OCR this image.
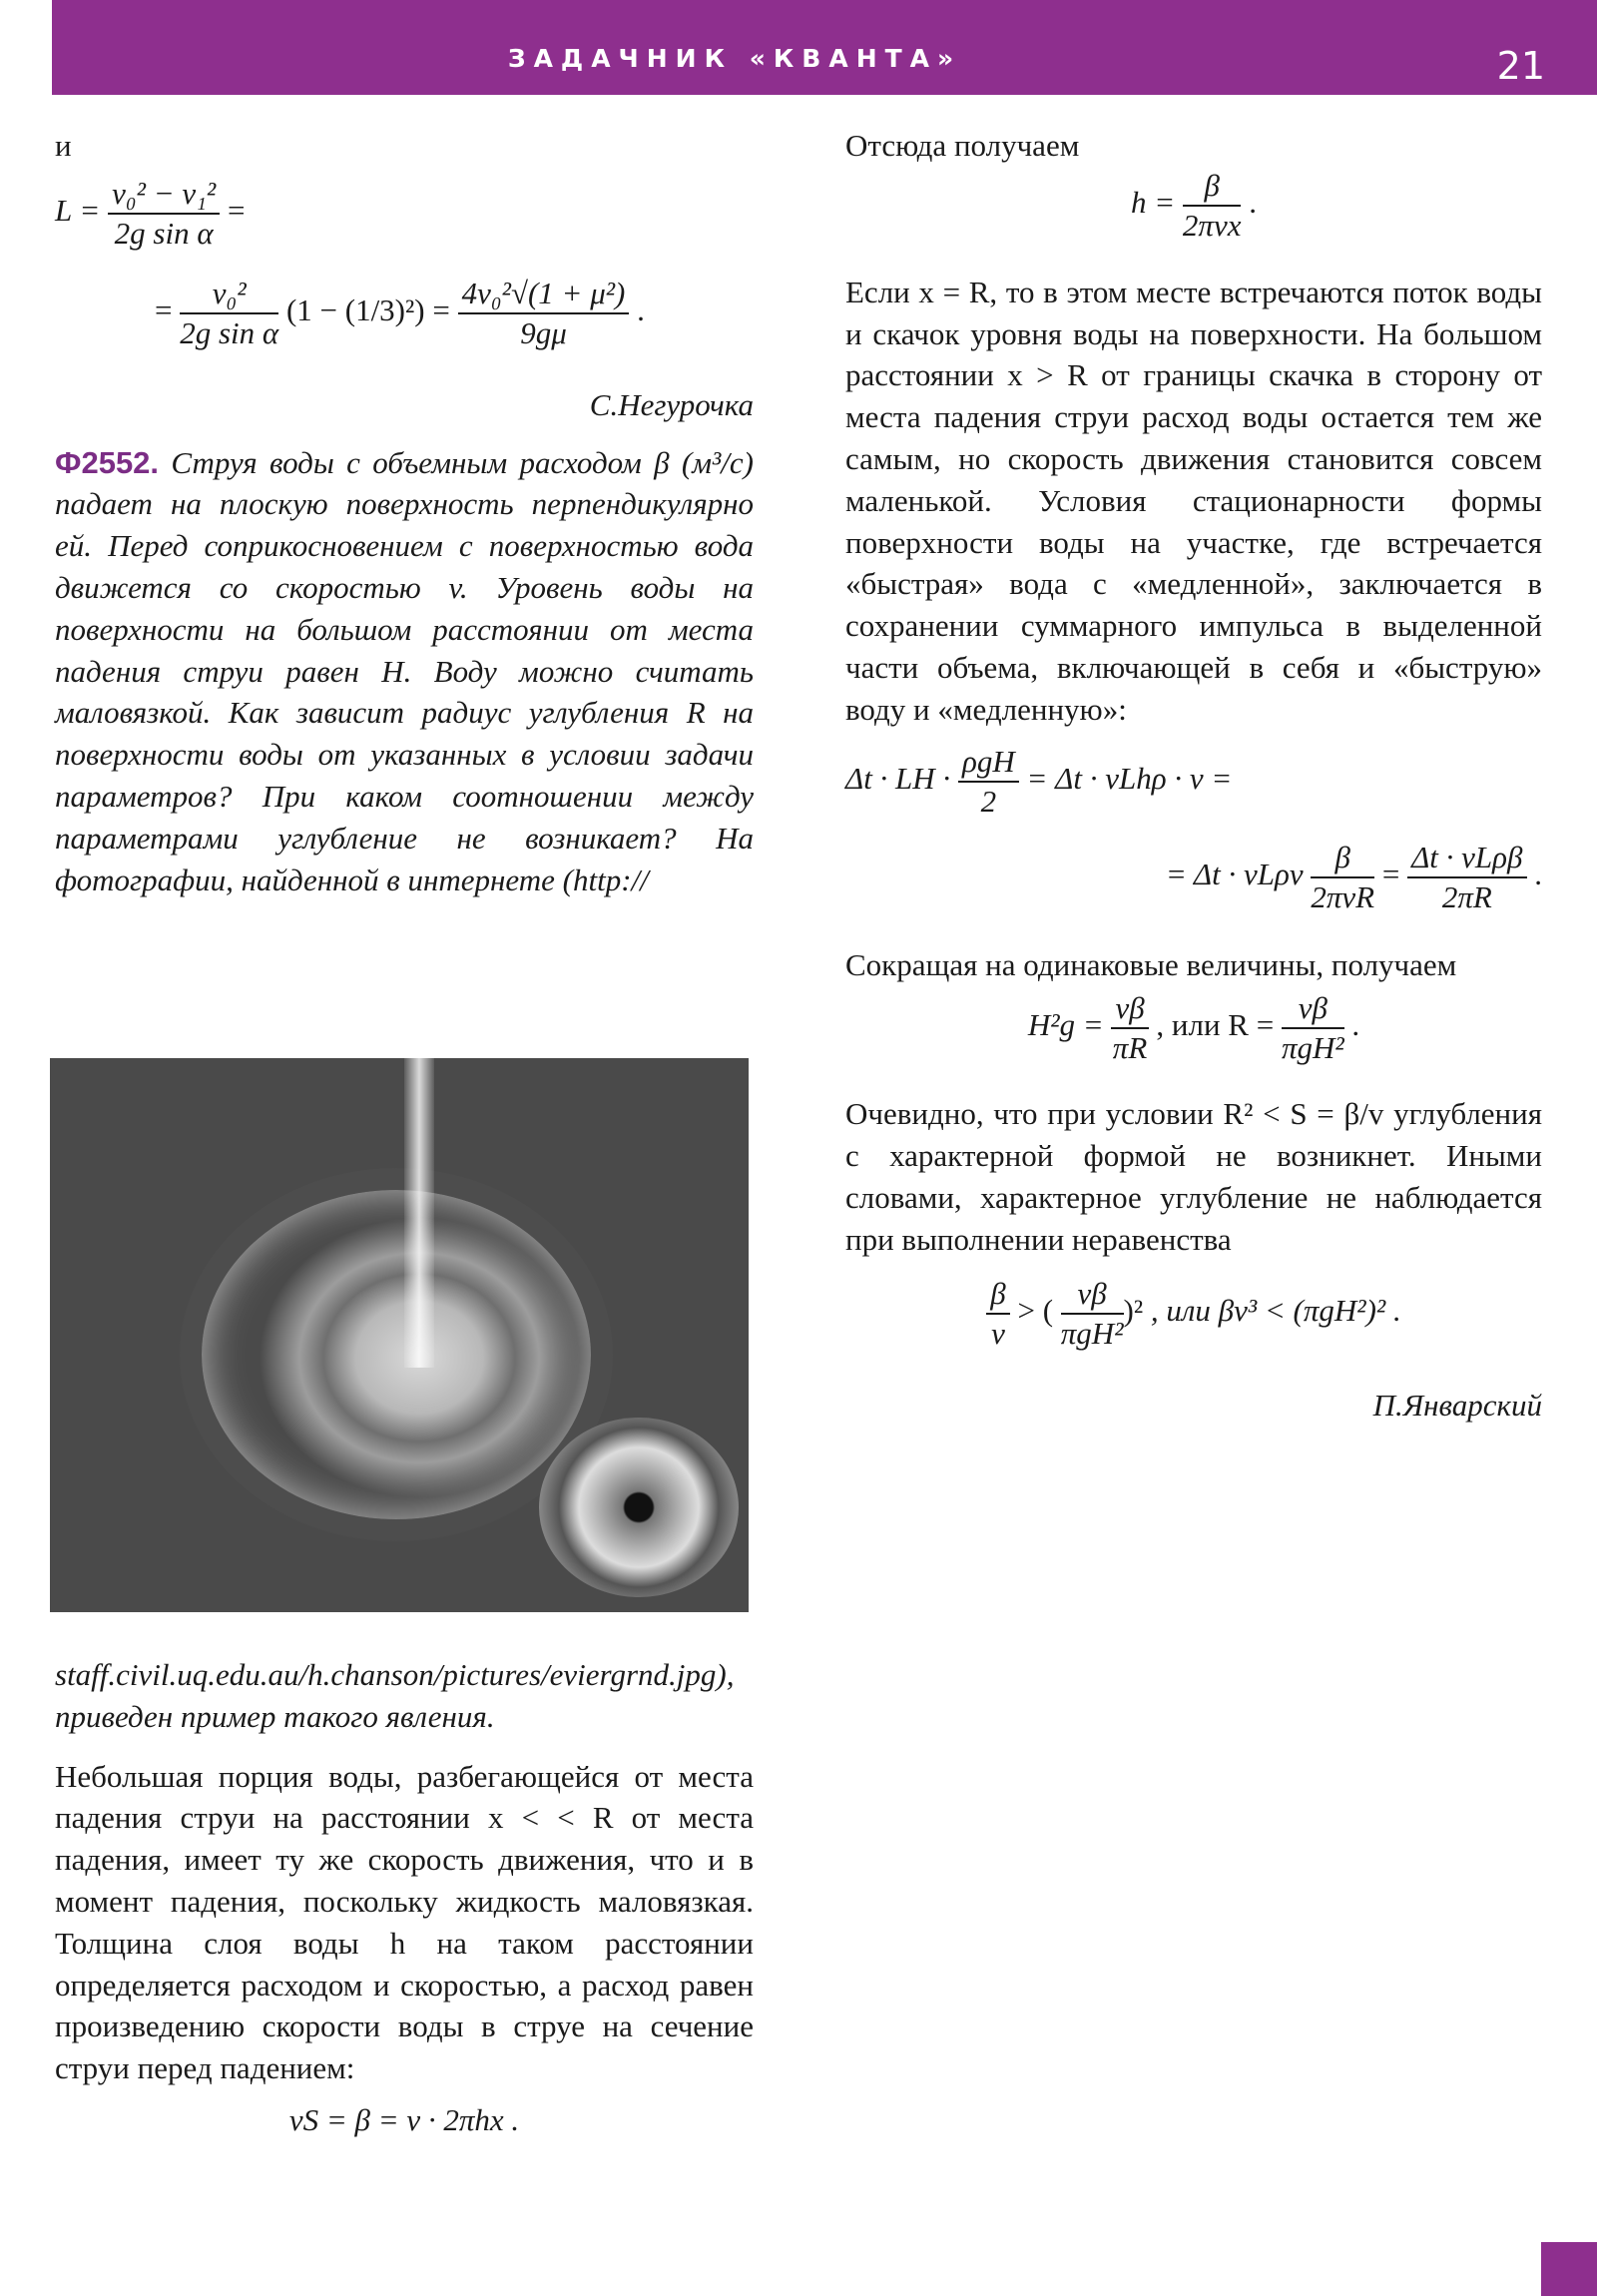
ЗАДАЧНИК «КВАНТА»	21

и

$L = \frac{\text{v₀² − v₁²}}{\text{2g sin α}}$ =
= $\frac{\text{v₀²}}{\text{2g sin α}} (1 - (1/3)^2) = \frac{\text{4v₀²√(1 + μ²)}}{9g\mu}$ .

С.Негурочка

Ф2552. Струя воды с объемным расходом β (м³/с) падает на плоскую поверхность перпендикулярно ей. Перед соприкосновением с поверхностью вода движется со скоростью v. Уровень воды на поверхности на большом расстоянии от места падения струи равен H. Воду можно считать маловязкой. Как зависит радиус углубления R на поверхности воды от указанных в условии задачи параметров? При каком соотношении между параметрами углубление не возникает? На фотографии, найденной в интернете (http://

staff.civil.uq.edu.au/h.chanson/pictures/eviergrnd.jpg), приведен пример такого явления.

Небольшая порция воды, разбегающейся от места падения струи на расстоянии x < < R от места падения, имеет ту же скорость движения, что и в момент падения, поскольку жидкость маловязкая. Толщина слоя воды h на таком расстоянии определяется расходом и скоростью, а расход равен произведению скорости воды в струе на сечение струи перед падением:

vS = β = v · 2πhx .

Отсюда получаем

$h = \frac{\beta}{\text{2πvx}}$ .

Если x = R, то в этом месте встречаются поток воды и скачок уровня воды на поверхности. На большом расстоянии x > R от границы скачка в сторону от места падения струи расход воды остается тем же самым, но скорость движения становится совсем маленькой. Условия стационарности формы поверхности воды на участке, где встречается «быстрая» вода с «медленной», заключается в сохранении суммарного импульса в выделенной части объема, включающей в себя и «быструю» воду и «медленную»:

Δt · LH · $\frac{\text{ρgH}}{2} = \Delta t \cdot vLh\rho \cdot v$ =
= Δt · vLρv $\frac{\beta}{\text{2πvR}} = \frac{\text{Δt · vLρβ}}{2\pi R}$ .

Сокращая на одинаковые величины, получаем

$H^2g = \frac{v\beta}{\pi R}$ , или $R = \frac{v\beta}{\text{πgH²}}$ .

Очевидно, что при условии R² < S = β/v углубления с характерной формой не возникнет. Иными словами, характерное углубление не наблюдается при выполнении неравенства

$\frac{\beta}{v}$ > ( $\frac{v\beta}{\text{πgH²}} )^2$ , или βv³ < (πgH²)² .

П.Январский
